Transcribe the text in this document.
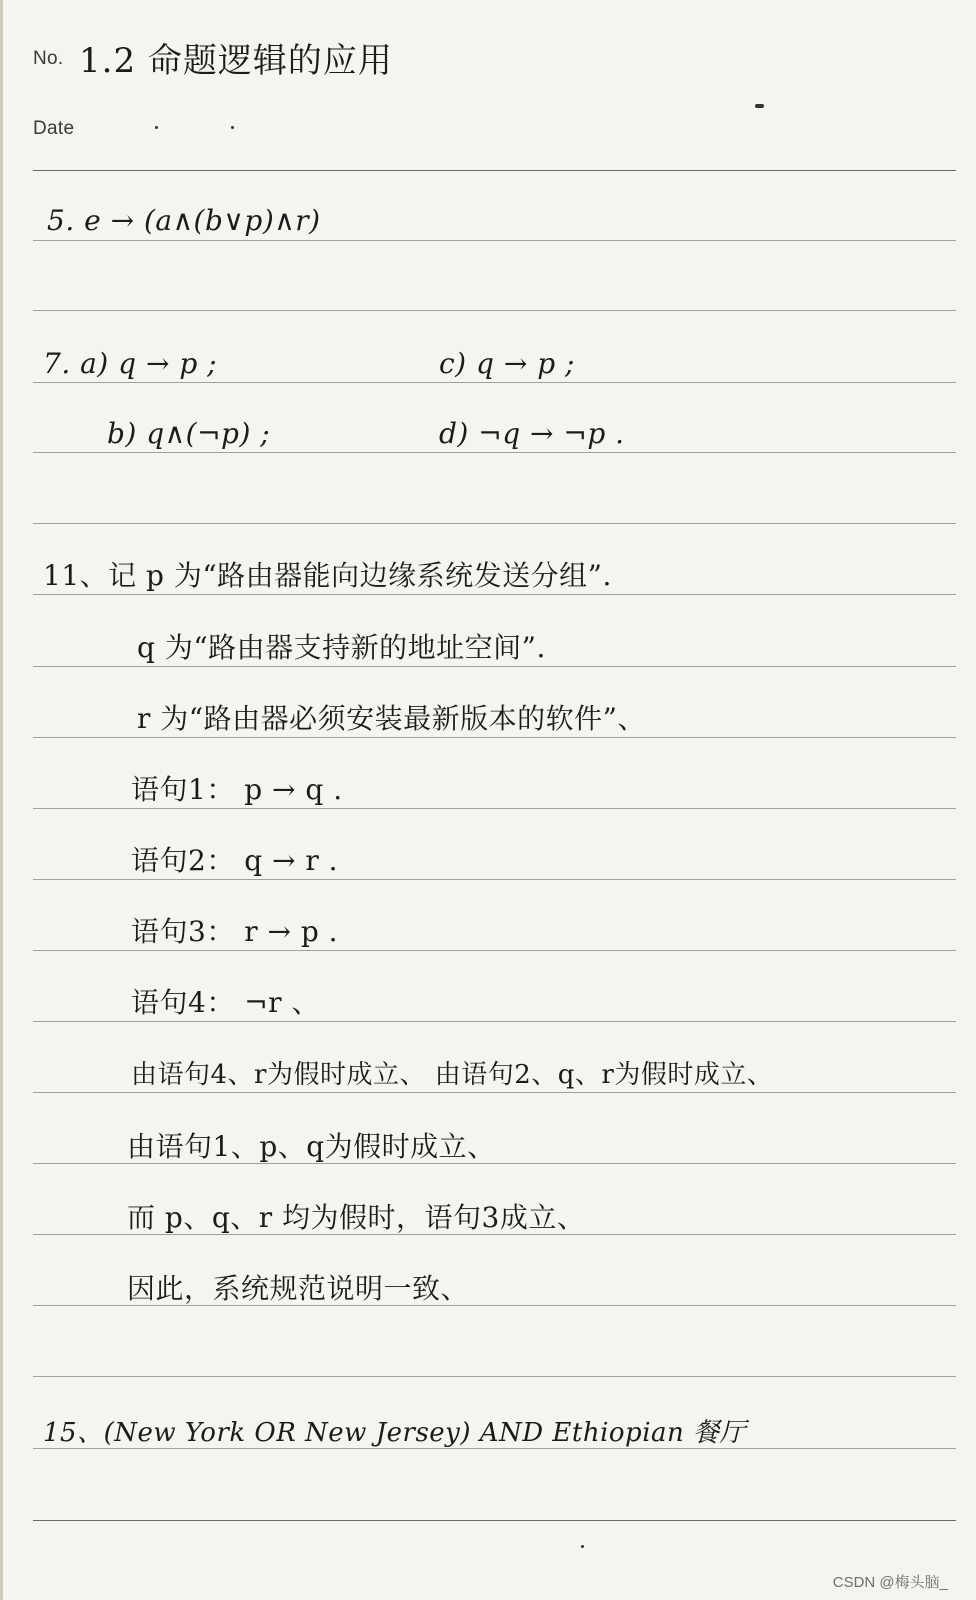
No. 1.2 命题逻辑的应用
Date
5. e → (a∧(b∨p)∧r)
7. a) q → p ;	c) q → p ;
b) q∧(¬p) ;	d) ¬q → ¬p .
11、记 p 为“路由器能向边缘系统发送分组”.
q 为“路由器支持新的地址空间”.
r 为“路由器必须安装最新版本的软件”、
语句1： p → q .
语句2： q → r .
语句3： r → p .
语句4： ¬r 、
由语句4、r为假时成立、 由语句2、q、r为假时成立、
由语句1、p、q为假时成立、
而 p、q、r 均为假时，语句3成立、
因此，系统规范说明一致、
15、(New York OR New Jersey) AND Ethiopian 餐厅
CSDN @梅头脑_
